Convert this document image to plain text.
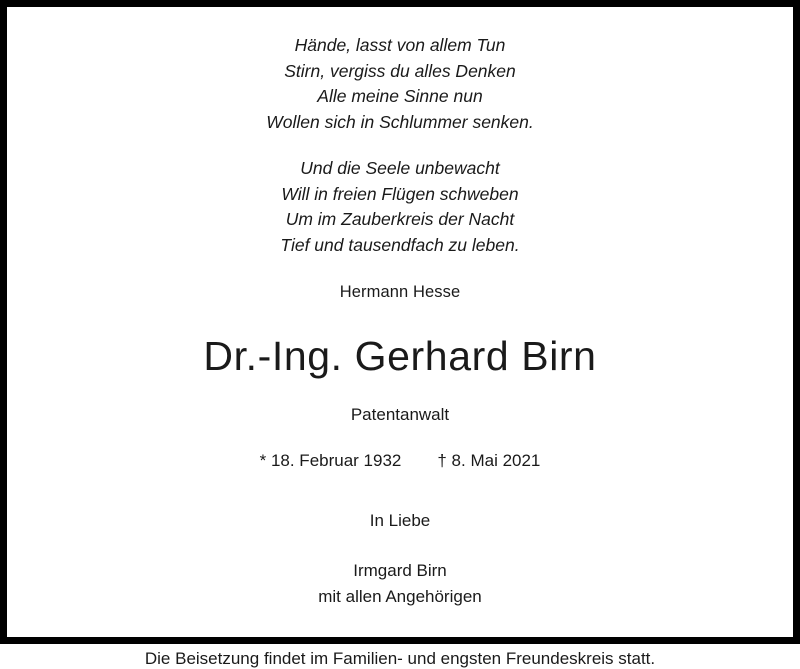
Hände, lasst von allem Tun
Stirn, vergiss du alles Denken
Alle meine Sinne nun
Wollen sich in Schlummer senken.
Und die Seele unbewacht
Will in freien Flügen schweben
Um im Zauberkreis der Nacht
Tief und tausendfach zu leben.
Hermann Hesse
Dr.-Ing. Gerhard Birn
Patentanwalt
* 18. Februar 1932 † 8. Mai 2021
In Liebe
Irmgard Birn
mit allen Angehörigen
Die Beisetzung findet im Familien- und engsten Freundeskreis statt.
